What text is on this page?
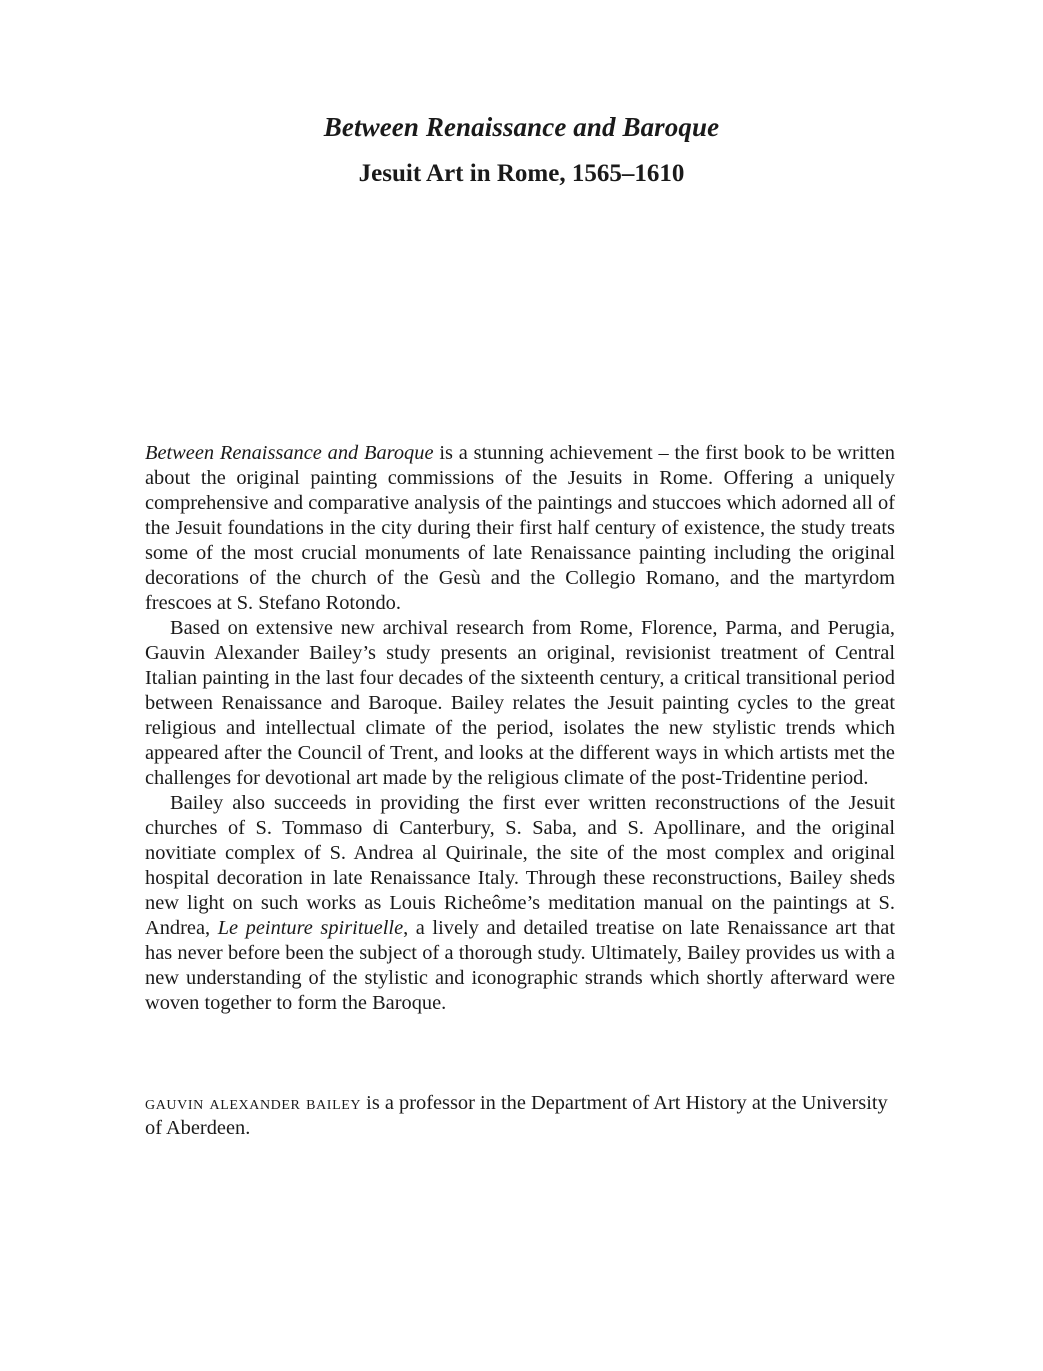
Between Renaissance and Baroque
Jesuit Art in Rome, 1565–1610

Between Renaissance and Baroque is a stunning achievement – the first book to be written about the original painting commissions of the Jesuits in Rome. Offering a uniquely comprehensive and comparative analysis of the paintings and stuccoes which adorned all of the Jesuit foundations in the city during their first half century of existence, the study treats some of the most crucial monuments of late Renaissance painting including the original decorations of the church of the Gesù and the Collegio Romano, and the martyrdom frescoes at S. Stefano Rotondo.

Based on extensive new archival research from Rome, Florence, Parma, and Perugia, Gauvin Alexander Bailey’s study presents an original, revisionist treatment of Central Italian painting in the last four decades of the sixteenth century, a critical transitional period between Renaissance and Baroque. Bailey relates the Jesuit painting cycles to the great religious and intellectual climate of the period, isolates the new stylistic trends which appeared after the Council of Trent, and looks at the different ways in which artists met the challenges for devotional art made by the religious climate of the post-Tridentine period.

Bailey also succeeds in providing the first ever written reconstructions of the Jesuit churches of S. Tommaso di Canterbury, S. Saba, and S. Apollinare, and the original novitiate complex of S. Andrea al Quirinale, the site of the most complex and original hospital decoration in late Renaissance Italy. Through these reconstructions, Bailey sheds new light on such works as Louis Richeôme’s meditation manual on the paintings at S. Andrea, Le peinture spirituelle, a lively and detailed treatise on late Renaissance art that has never before been the subject of a thorough study. Ultimately, Bailey provides us with a new understanding of the stylistic and iconographic strands which shortly afterward were woven together to form the Baroque.

gauvin alexander bailey is a professor in the Department of Art History at the University of Aberdeen.
